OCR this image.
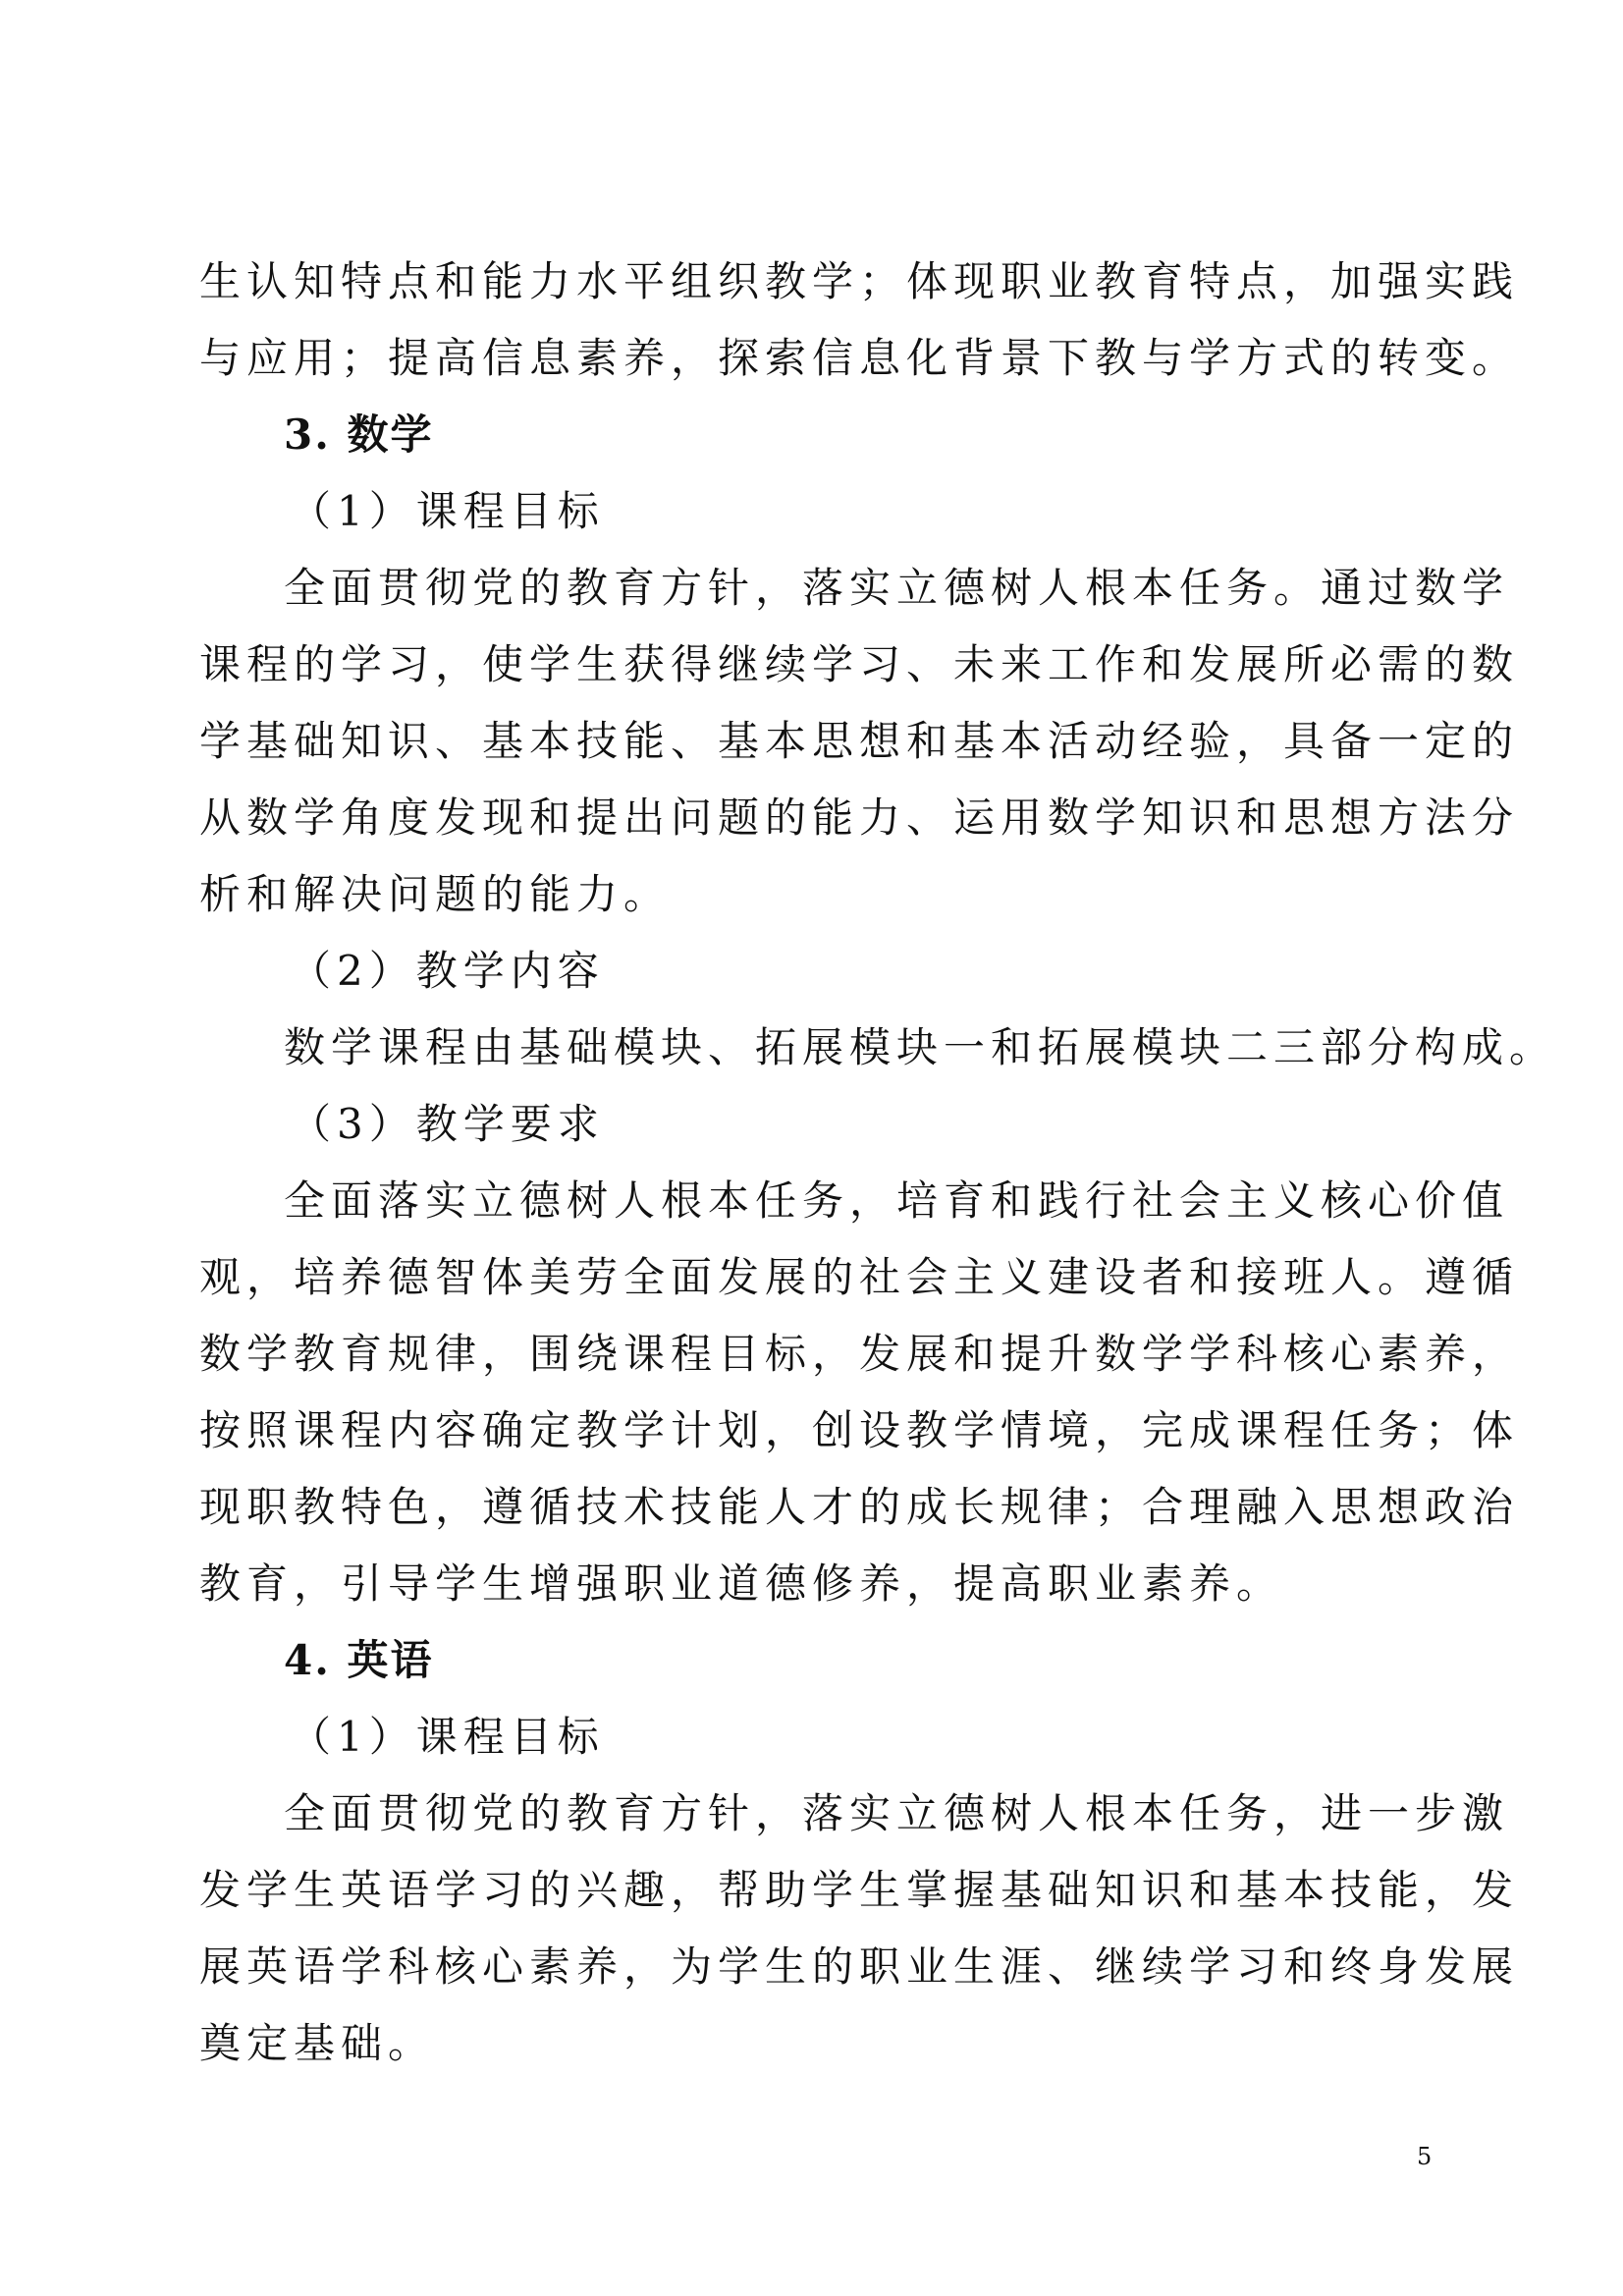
生认知特点和能力水平组织教学；体现职业教育特点，加强实践
与应用；提高信息素养，探索信息化背景下教与学方式的转变。
3. 数学
（1）课程目标
全面贯彻党的教育方针，落实立德树人根本任务。通过数学
课程的学习，使学生获得继续学习、未来工作和发展所必需的数
学基础知识、基本技能、基本思想和基本活动经验，具备一定的
从数学角度发现和提出问题的能力、运用数学知识和思想方法分
析和解决问题的能力。
（2）教学内容
数学课程由基础模块、拓展模块一和拓展模块二三部分构成。
（3）教学要求
全面落实立德树人根本任务，培育和践行社会主义核心价值
观，培养德智体美劳全面发展的社会主义建设者和接班人。遵循
数学教育规律，围绕课程目标，发展和提升数学学科核心素养，
按照课程内容确定教学计划，创设教学情境，完成课程任务；体
现职教特色，遵循技术技能人才的成长规律；合理融入思想政治
教育，引导学生增强职业道德修养，提高职业素养。
4. 英语
（1）课程目标
全面贯彻党的教育方针，落实立德树人根本任务，进一步激
发学生英语学习的兴趣，帮助学生掌握基础知识和基本技能，发
展英语学科核心素养，为学生的职业生涯、继续学习和终身发展
奠定基础。
5
